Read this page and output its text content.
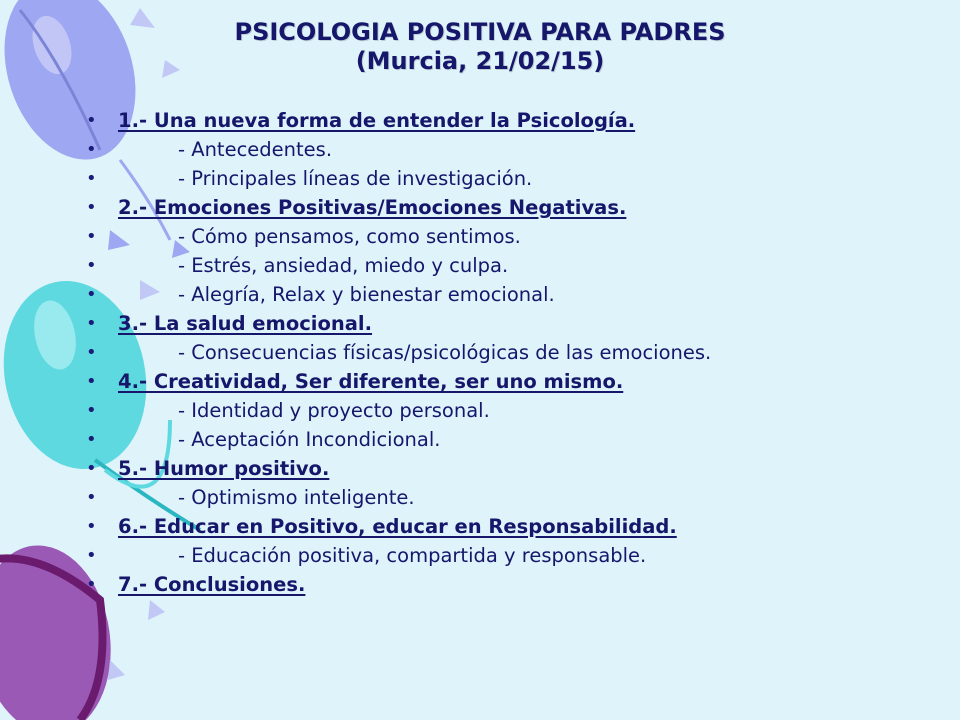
PSICOLOGIA POSITIVA PARA PADRES
(Murcia, 21/02/15)
•	1.- Una nueva forma de entender la Psicología.
•	- Antecedentes.
•	- Principales líneas de investigación.
•	2.- Emociones Positivas/Emociones Negativas.
•	- Cómo pensamos, como sentimos.
•	- Estrés, ansiedad, miedo y culpa.
•	- Alegría, Relax y bienestar emocional.
•	3.- La salud emocional.
•	- Consecuencias físicas/psicológicas de las emociones.
•	4.- Creatividad, Ser diferente, ser uno mismo.
•	- Identidad y proyecto personal.
•	- Aceptación Incondicional.
•	5.- Humor positivo.
•	- Optimismo inteligente.
•	6.- Educar en Positivo, educar en Responsabilidad.
•	- Educación positiva, compartida y responsable.
•	7.- Conclusiones.
